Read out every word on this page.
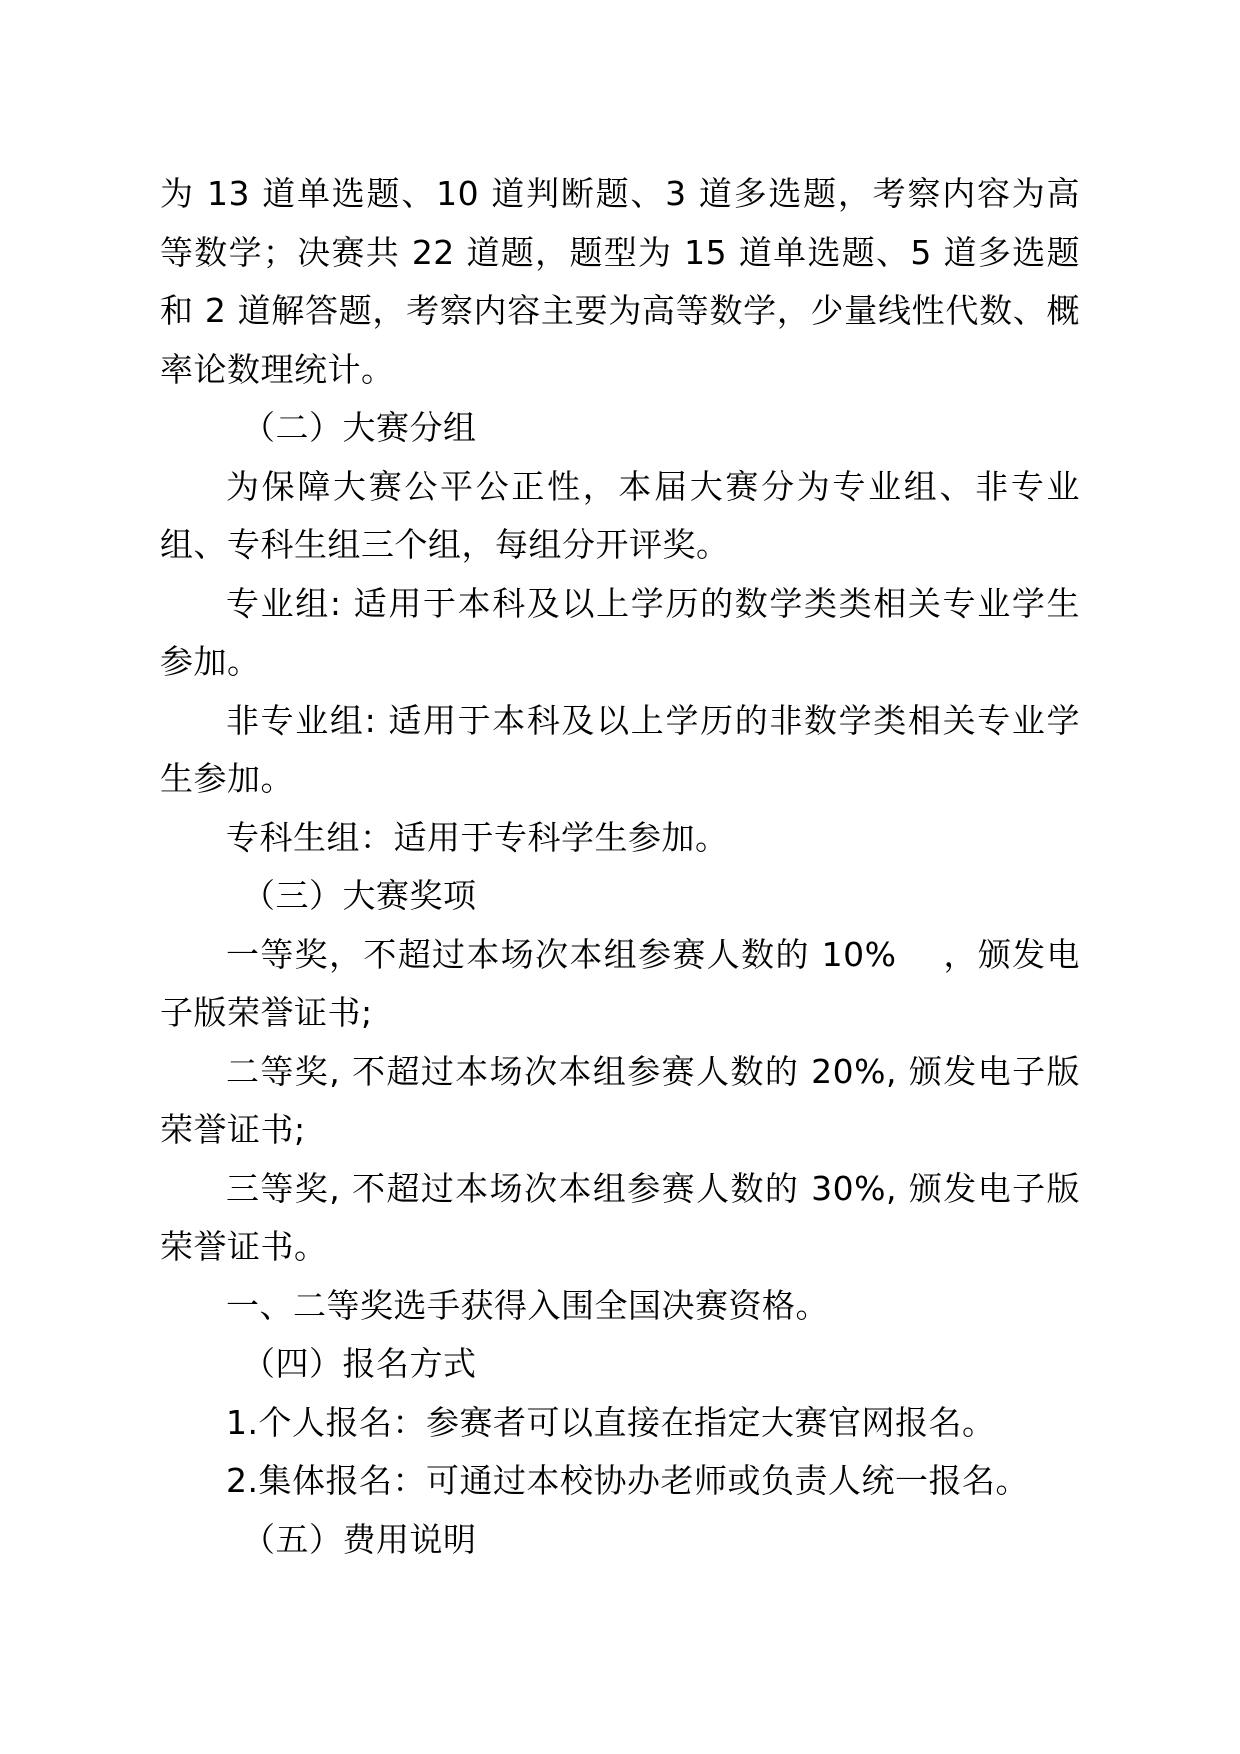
为 13 道单选题、10 道判断题、3 道多选题，考察内容为高等数学；决赛共 22 道题，题型为 15 道单选题、5 道多选题和 2 道解答题，考察内容主要为高等数学，少量线性代数、概率论数理统计。

（二）大赛分组

为保障大赛公平公正性，本届大赛分为专业组、非专业组、专科生组三个组，每组分开评奖。

专业组: 适用于本科及以上学历的数学类类相关专业学生参加。

非专业组: 适用于本科及以上学历的非数学类相关专业学生参加。

专科生组：适用于专科学生参加。

（三）大赛奖项

一等奖，不超过本场次本组参赛人数的 10%　 ，颁发电子版荣誉证书;

二等奖, 不超过本场次本组参赛人数的 20%, 颁发电子版荣誉证书;

三等奖, 不超过本场次本组参赛人数的 30%, 颁发电子版荣誉证书。

一、二等奖选手获得入围全国决赛资格。

（四）报名方式

1.个人报名：参赛者可以直接在指定大赛官网报名。

2.集体报名：可通过本校协办老师或负责人统一报名。

（五）费用说明
